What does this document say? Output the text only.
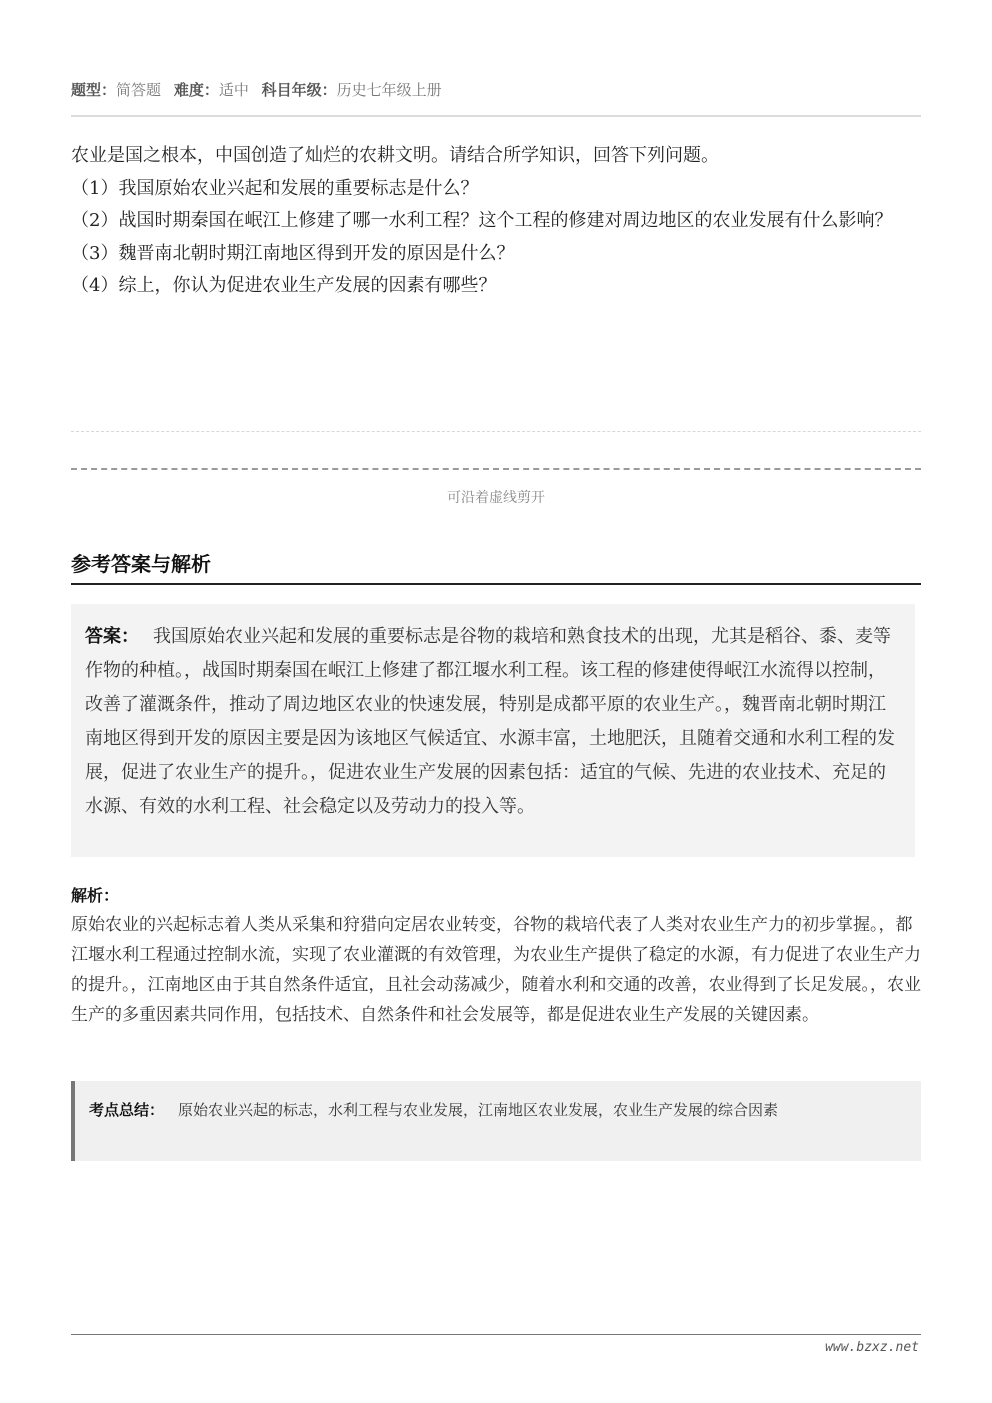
题型：简答题 难度：适中 科目年级：历史七年级上册

农业是国之根本，中国创造了灿烂的农耕文明。请结合所学知识，回答下列问题。

（1）我国原始农业兴起和发展的重要标志是什么？

（2）战国时期秦国在岷江上修建了哪一水利工程？这个工程的修建对周边地区的农业发展有什么影响？

（3）魏晋南北朝时期江南地区得到开发的原因是什么？

（4）综上，你认为促进农业生产发展的因素有哪些？

可沿着虚线剪开
参考答案与解析
答案： 我国原始农业兴起和发展的重要标志是谷物的栽培和熟食技术的出现，尤其是稻谷、黍、麦等作物的种植。，战国时期秦国在岷江上修建了都江堰水利工程。该工程的修建使得岷江水流得以控制，改善了灌溉条件，推动了周边地区农业的快速发展，特别是成都平原的农业生产。，魏晋南北朝时期江南地区得到开发的原因主要是因为该地区气候适宜、水源丰富，土地肥沃，且随着交通和水利工程的发展，促进了农业生产的提升。，促进农业生产发展的因素包括：适宜的气候、先进的农业技术、充足的水源、有效的水利工程、社会稳定以及劳动力的投入等。
解析：
原始农业的兴起标志着人类从采集和狩猎向定居农业转变，谷物的栽培代表了人类对农业生产力的初步掌握。，都江堰水利工程通过控制水流，实现了农业灌溉的有效管理，为农业生产提供了稳定的水源，有力促进了农业生产力的提升。，江南地区由于其自然条件适宜，且社会动荡减少，随着水利和交通的改善，农业得到了长足发展。，农业生产的多重因素共同作用，包括技术、自然条件和社会发展等，都是促进农业生产发展的关键因素。
考点总结： 原始农业兴起的标志，水利工程与农业发展，江南地区农业发展，农业生产发展的综合因素
www.bzxz.net
